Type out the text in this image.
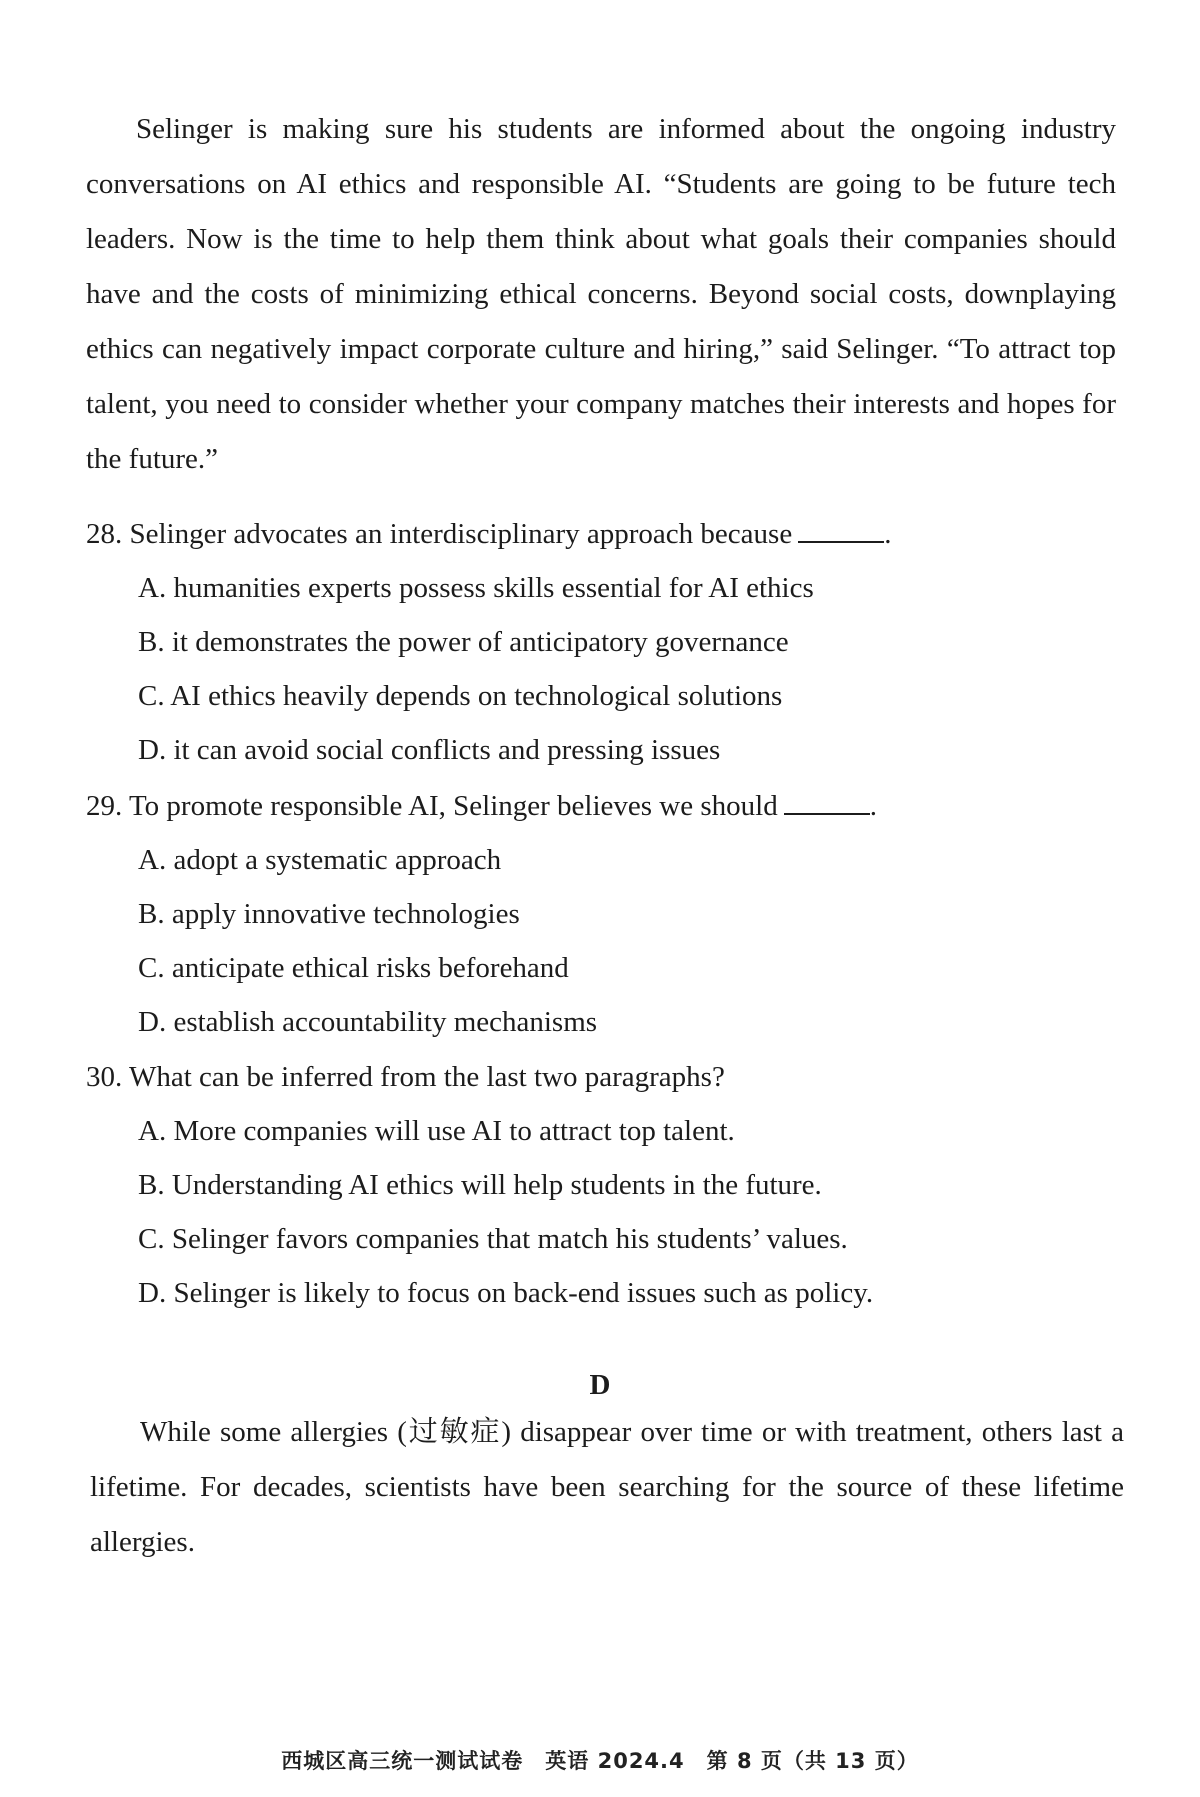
Selinger is making sure his students are informed about the ongoing industry conversations on AI ethics and responsible AI. “Students are going to be future tech leaders. Now is the time to help them think about what goals their companies should have and the costs of minimizing ethical concerns. Beyond social costs, downplaying ethics can negatively impact corporate culture and hiring,” said Selinger. “To attract top talent, you need to consider whether your company matches their interests and hopes for the future.”

28. Selinger advocates an interdisciplinary approach because	.
A. humanities experts possess skills essential for AI ethics
B. it demonstrates the power of anticipatory governance
C. AI ethics heavily depends on technological solutions
D. it can avoid social conflicts and pressing issues
29. To promote responsible AI, Selinger believes we should	.
A. adopt a systematic approach
B. apply innovative technologies
C. anticipate ethical risks beforehand
D. establish accountability mechanisms
30. What can be inferred from the last two paragraphs?
A. More companies will use AI to attract top talent.
B. Understanding AI ethics will help students in the future.
C. Selinger favors companies that match his students’ values.
D. Selinger is likely to focus on back-end issues such as policy.
D

While some allergies (过敏症) disappear over time or with treatment, others last a lifetime. For decades, scientists have been searching for the source of these lifetime allergies.

西城区高三统一测试试卷　英语 2024.4　第 8 页（共 13 页）
